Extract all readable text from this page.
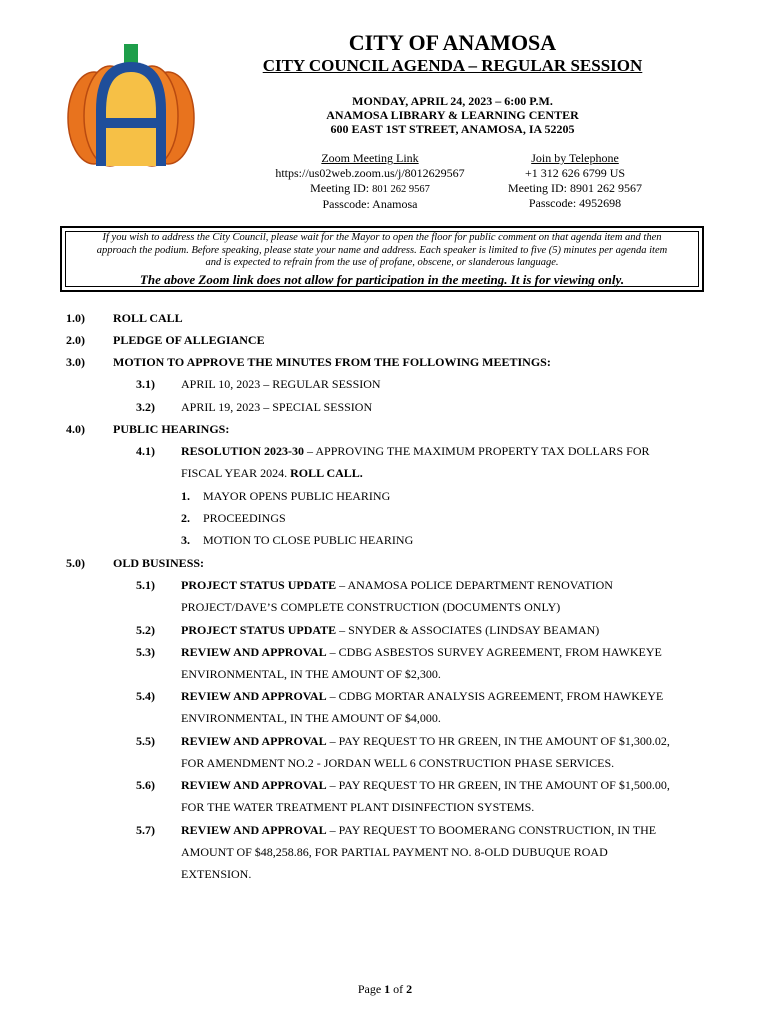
CITY OF ANAMOSA
CITY COUNCIL AGENDA – REGULAR SESSION
MONDAY, APRIL 24, 2023 – 6:00 P.M.
ANAMOSA LIBRARY & LEARNING CENTER
600 EAST 1ST STREET, ANAMOSA, IA 52205
Zoom Meeting Link
https://us02web.zoom.us/j/8012629567
Meeting ID: 801 262 9567
Passcode: Anamosa
Join by Telephone
+1 312 626 6799 US
Meeting ID: 8901 262 9567
Passcode: 4952698
If you wish to address the City Council, please wait for the Mayor to open the floor for public comment on that agenda item and then
approach the podium. Before speaking, please state your name and address. Each speaker is limited to five (5) minutes per agenda item
and is expected to refrain from the use of profane, obscene, or slanderous language.
The above Zoom link does not allow for participation in the meeting. It is for viewing only.
1.0) ROLL CALL
2.0) PLEDGE OF ALLEGIANCE
3.0) MOTION TO APPROVE THE MINUTES FROM THE FOLLOWING MEETINGS:
3.1) APRIL 10, 2023 – REGULAR SESSION
3.2) APRIL 19, 2023 – SPECIAL SESSION
4.0) PUBLIC HEARINGS:
4.1) RESOLUTION 2023-30 – APPROVING THE MAXIMUM PROPERTY TAX DOLLARS FOR
FISCAL YEAR 2024. ROLL CALL.
1. MAYOR OPENS PUBLIC HEARING
2. PROCEEDINGS
3. MOTION TO CLOSE PUBLIC HEARING
5.0) OLD BUSINESS:
5.1) PROJECT STATUS UPDATE – ANAMOSA POLICE DEPARTMENT RENOVATION
PROJECT/DAVE’S COMPLETE CONSTRUCTION (DOCUMENTS ONLY)
5.2) PROJECT STATUS UPDATE – SNYDER & ASSOCIATES (LINDSAY BEAMAN)
5.3) REVIEW AND APPROVAL – CDBG ASBESTOS SURVEY AGREEMENT, FROM HAWKEYE
ENVIRONMENTAL, IN THE AMOUNT OF $2,300.
5.4) REVIEW AND APPROVAL – CDBG MORTAR ANALYSIS AGREEMENT, FROM HAWKEYE
ENVIRONMENTAL, IN THE AMOUNT OF $4,000.
5.5) REVIEW AND APPROVAL – PAY REQUEST TO HR GREEN, IN THE AMOUNT OF $1,300.02,
FOR AMENDMENT NO.2 - JORDAN WELL 6 CONSTRUCTION PHASE SERVICES.
5.6) REVIEW AND APPROVAL – PAY REQUEST TO HR GREEN, IN THE AMOUNT OF $1,500.00,
FOR THE WATER TREATMENT PLANT DISINFECTION SYSTEMS.
5.7) REVIEW AND APPROVAL – PAY REQUEST TO BOOMERANG CONSTRUCTION, IN THE
AMOUNT OF $48,258.86, FOR PARTIAL PAYMENT NO. 8-OLD DUBUQUE ROAD
EXTENSION.
Page 1 of 2
